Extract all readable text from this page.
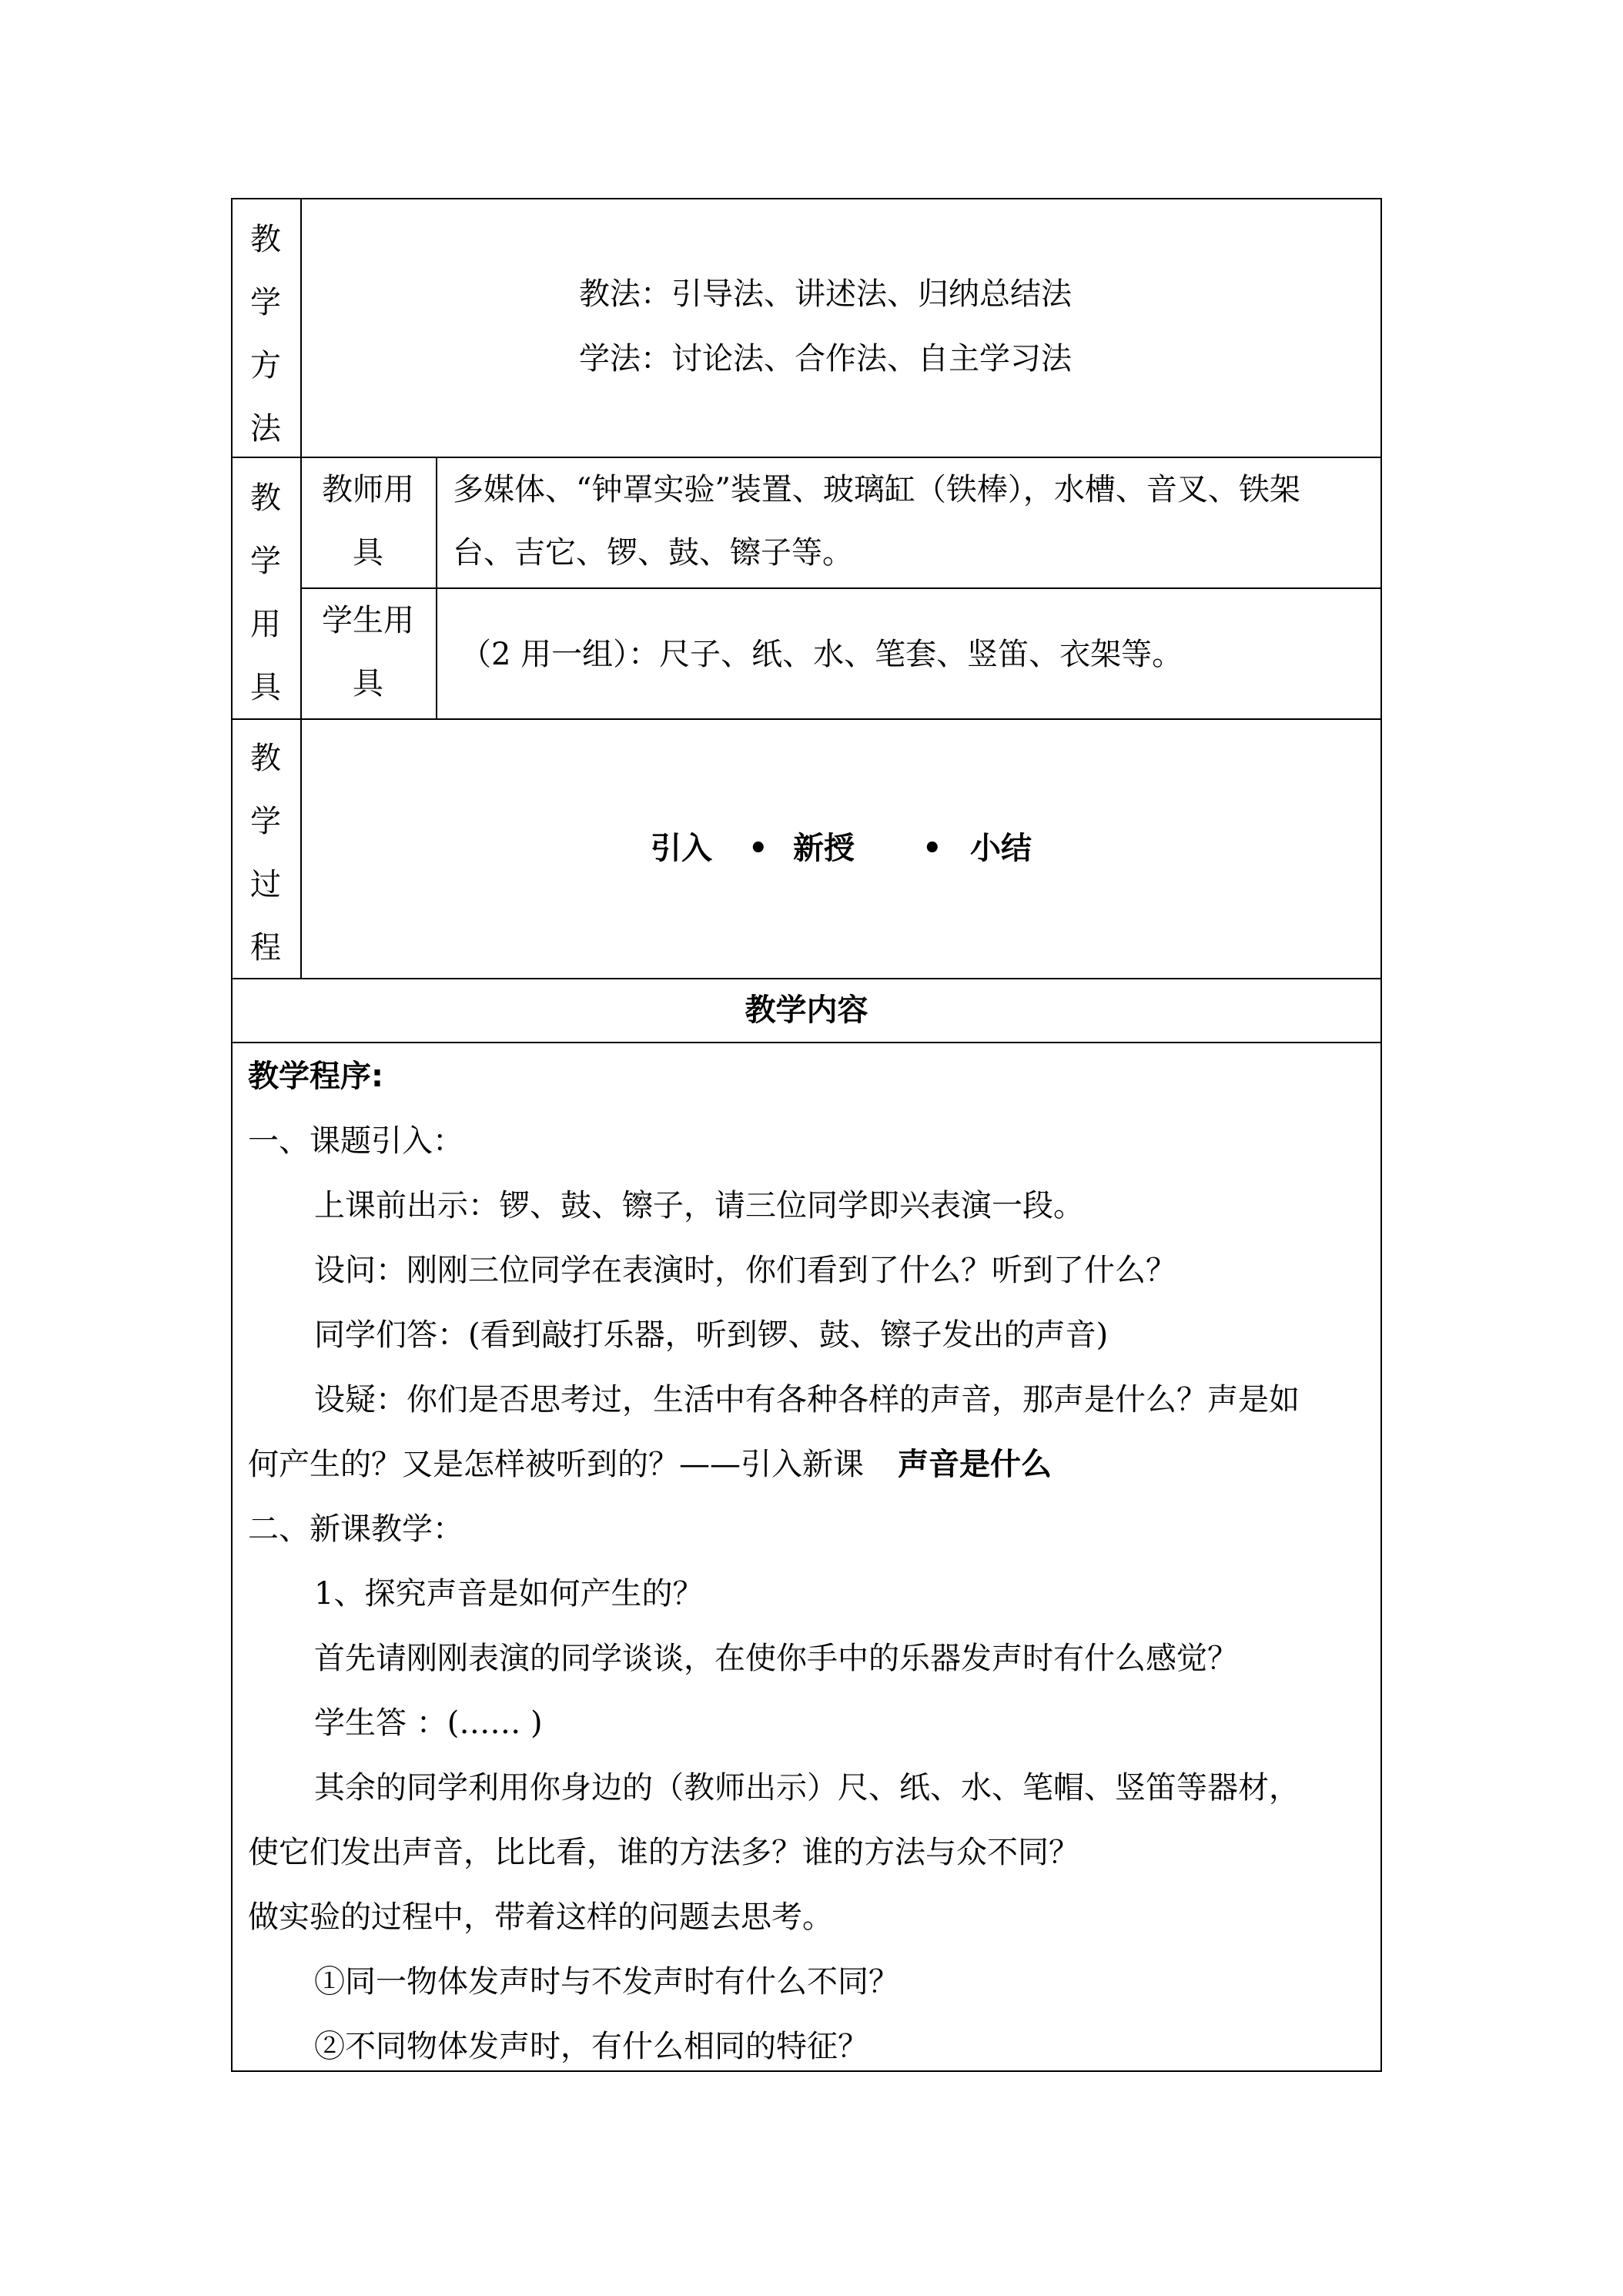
教
学
方
法
教法：引导法、讲述法、归纳总结法
学法：讨论法、合作法、自主学习法
教
学
用
具
教师用
具
多媒体、“钟罩实验”装置、玻璃缸（铁棒），水槽、音叉、铁架
台、吉它、锣、鼓、镲子等。
学生用
具
（2 用一组）：尺子、纸、水、笔套、竖笛、衣架等。
教
学
过
程
引入 • 新授 • 小结
教学内容
教学程序:
一、课题引入：
上课前出示：锣、鼓、镲子，请三位同学即兴表演一段。
设问：刚刚三位同学在表演时，你们看到了什么？听到了什么？
同学们答：(看到敲打乐器，听到锣、鼓、镲子发出的声音)
设疑：你们是否思考过，生活中有各种各样的声音，那声是什么？声是如
何产生的？又是怎样被听到的？——引入新课 声音是什么
二、新课教学：
1、探究声音是如何产生的？
首先请刚刚表演的同学谈谈，在使你手中的乐器发声时有什么感觉？
学生答 ：(…… )
其余的同学利用你身边的（教师出示）尺、纸、水、笔帽、竖笛等器材，
使它们发出声音，比比看，谁的方法多？谁的方法与众不同？
做实验的过程中，带着这样的问题去思考。
①同一物体发声时与不发声时有什么不同？
②不同物体发声时，有什么相同的特征？
